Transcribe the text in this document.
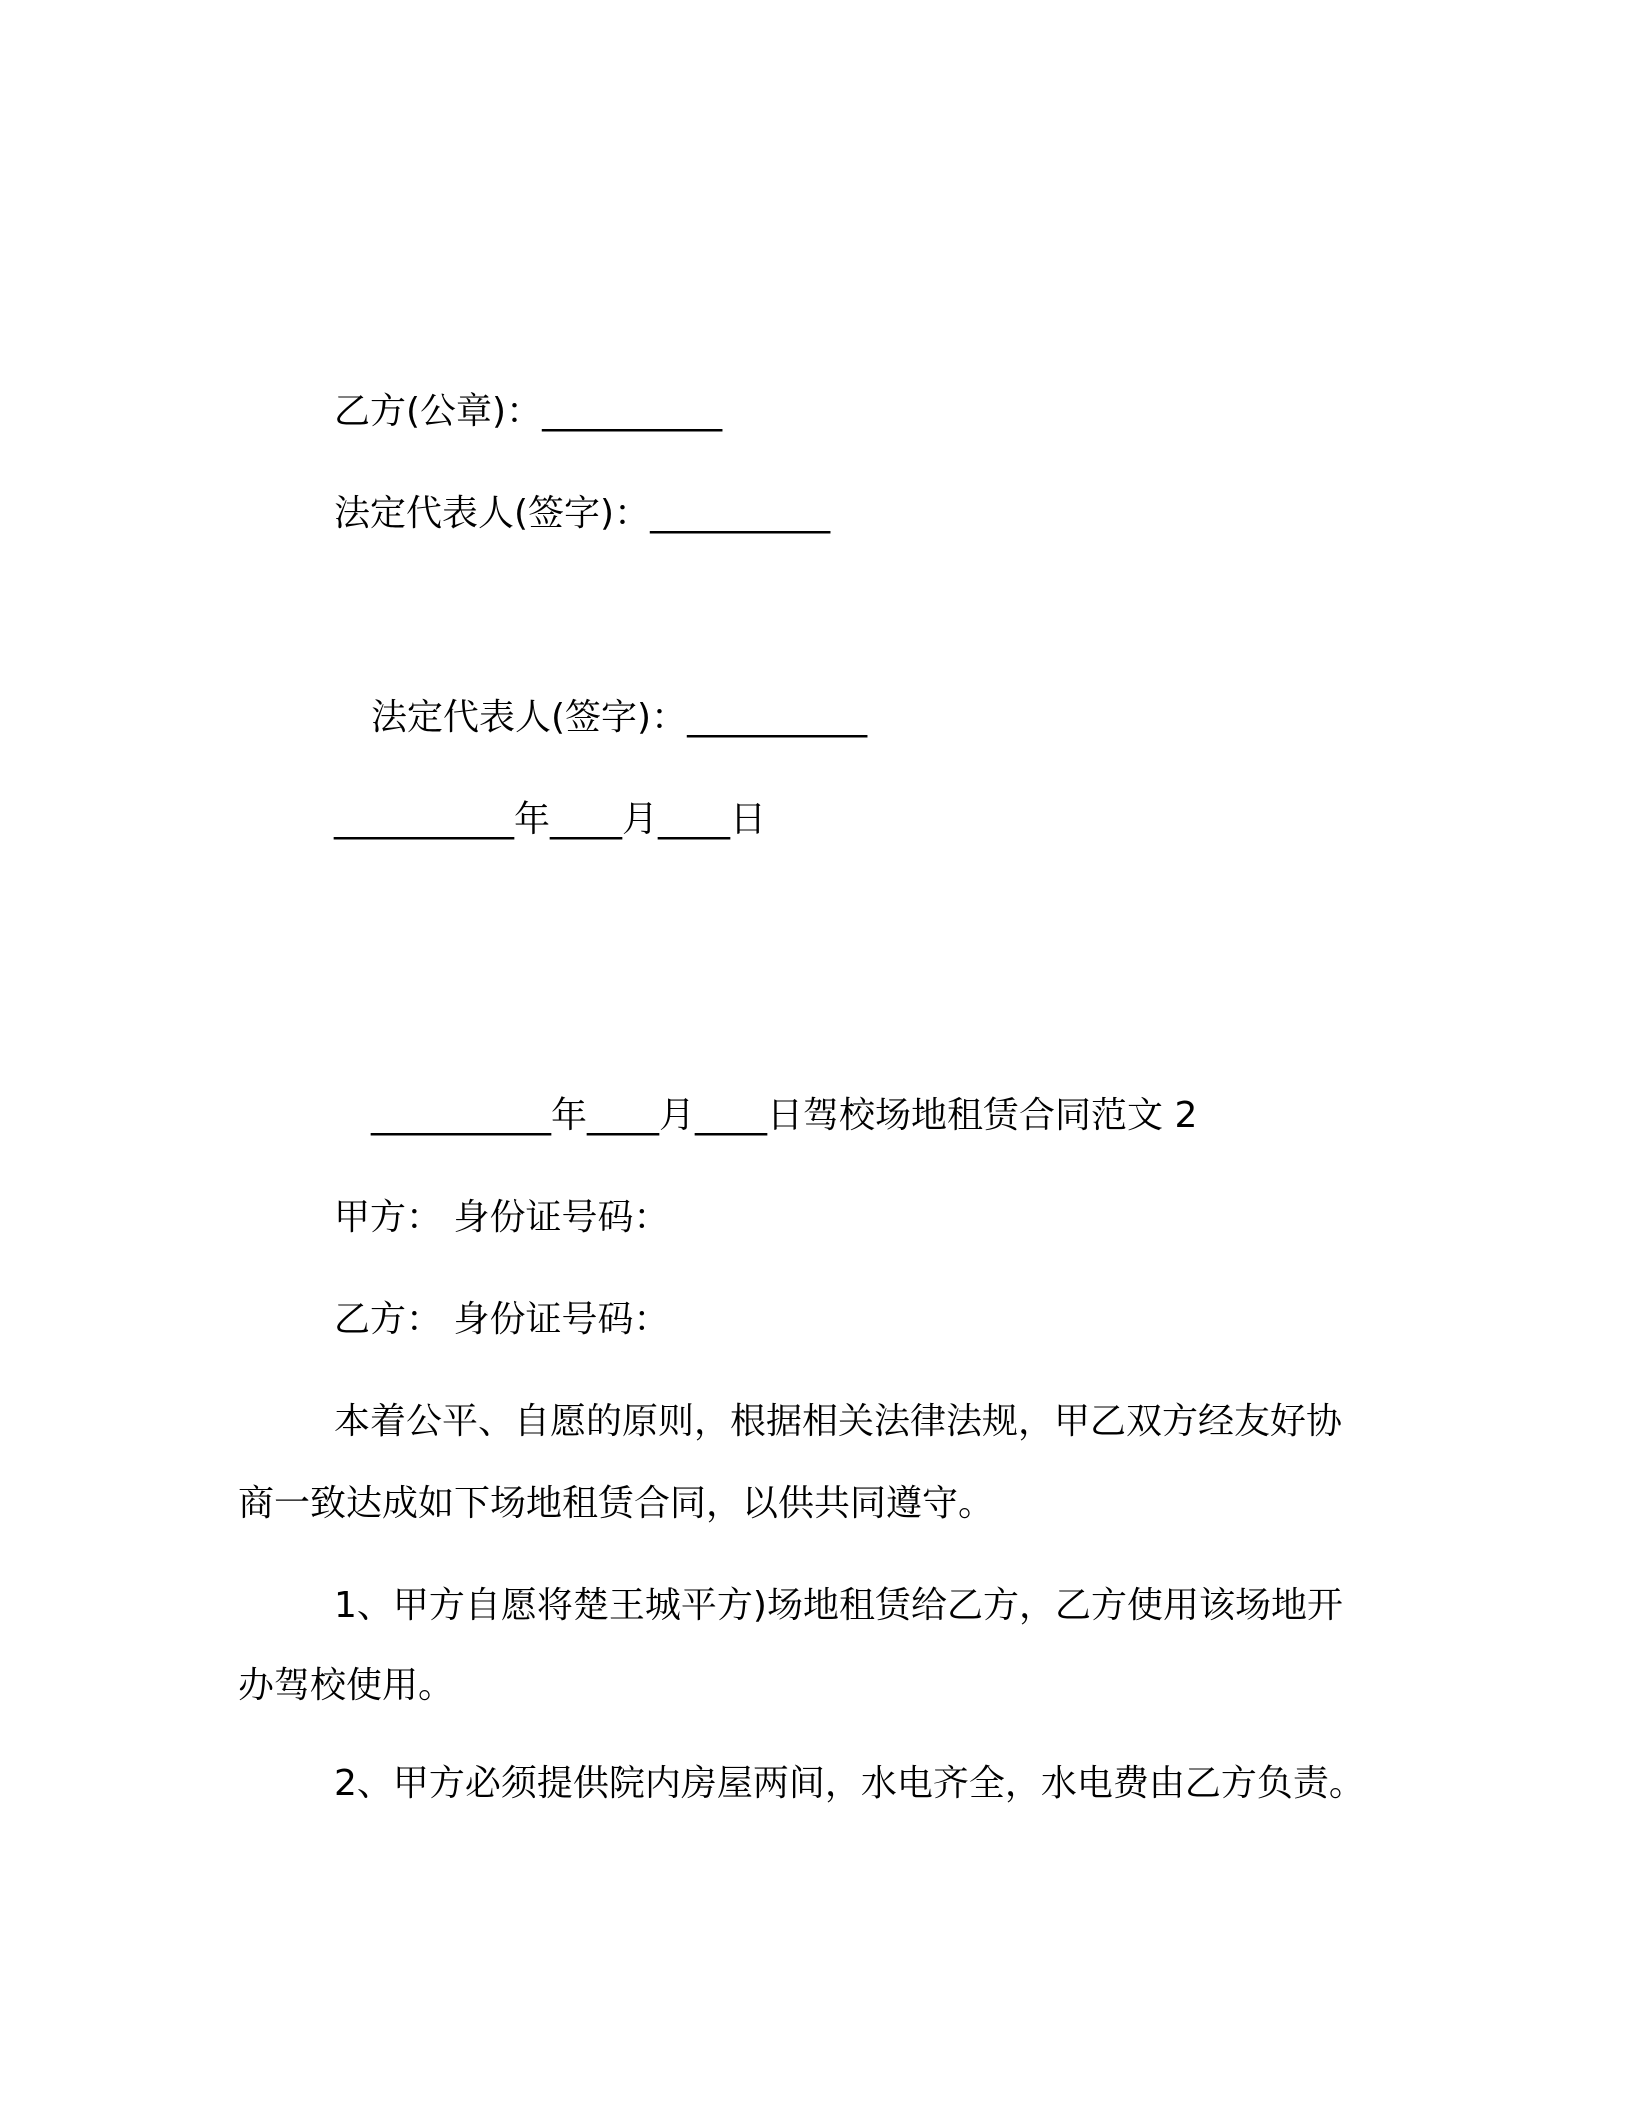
乙方(公章)：__________
法定代表人(签字)：__________
法定代表人(签字)：__________
__________年____月____日
__________年____月____日驾校场地租赁合同范文 2
甲方： 身份证号码：
乙方： 身份证号码：
本着公平、自愿的原则，根据相关法律法规，甲乙双方经友好协
商一致达成如下场地租赁合同，以供共同遵守。
1、甲方自愿将楚王城平方)场地租赁给乙方，乙方使用该场地开
办驾校使用。
2、甲方必须提供院内房屋两间，水电齐全，水电费由乙方负责。
